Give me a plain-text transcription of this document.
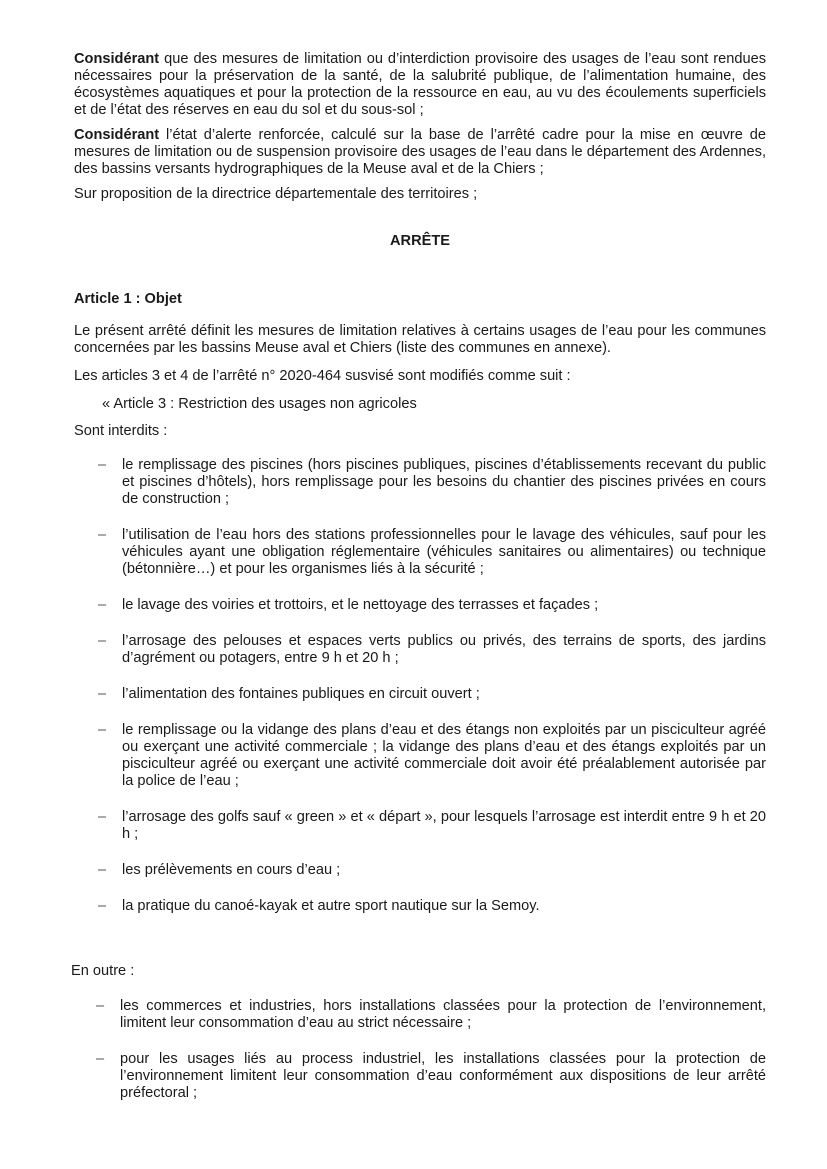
Considérant que des mesures de limitation ou d’interdiction provisoire des usages de l’eau sont rendues nécessaires pour la préservation de la santé, de la salubrité publique, de l’alimentation humaine, des écosystèmes aquatiques et pour la protection de la ressource en eau, au vu des écoulements superficiels et de l’état des réserves en eau du sol et du sous-sol ;

Considérant l’état d’alerte renforcée, calculé sur la base de l’arrêté cadre pour la mise en œuvre de mesures de limitation ou de suspension provisoire des usages de l’eau dans le département des Ardennes, des bassins versants hydrographiques de la Meuse aval et de la Chiers ;

Sur proposition de la directrice départementale des territoires ;

ARRÊTE

Article 1 : Objet

Le présent arrêté définit les mesures de limitation relatives à certains usages de l’eau pour les communes concernées par les bassins Meuse aval et Chiers (liste des communes en annexe).

Les articles 3 et 4 de l’arrêté n° 2020-464 susvisé sont modifiés comme suit :

« Article 3 : Restriction des usages non agricoles

Sont interdits :

– le remplissage des piscines (hors piscines publiques, piscines d’établissements recevant du public et piscines d’hôtels), hors remplissage pour les besoins du chantier des piscines privées en cours de construction ;
– l’utilisation de l’eau hors des stations professionnelles pour le lavage des véhicules, sauf pour les véhicules ayant une obligation réglementaire (véhicules sanitaires ou alimentaires) ou technique (bétonnière…) et pour les organismes liés à la sécurité ;
– le lavage des voiries et trottoirs, et le nettoyage des terrasses et façades ;
– l’arrosage des pelouses et espaces verts publics ou privés, des terrains de sports, des jardins d’agrément ou potagers, entre 9 h et 20 h ;
– l’alimentation des fontaines publiques en circuit ouvert ;
– le remplissage ou la vidange des plans d’eau et des étangs non exploités par un pisciculteur agréé ou exerçant une activité commerciale ; la vidange des plans d’eau et des étangs exploités par un pisciculteur agréé ou exerçant une activité commerciale doit avoir été préalablement autorisée par la police de l’eau ;
– l’arrosage des golfs sauf « green » et « départ », pour lesquels l’arrosage est interdit entre 9 h et 20 h ;
– les prélèvements en cours d’eau ;
– la pratique du canoé-kayak et autre sport nautique sur la Semoy.

En outre :

– les commerces et industries, hors installations classées pour la protection de l’environnement, limitent leur consommation d’eau au strict nécessaire ;
– pour les usages liés au process industriel, les installations classées pour la protection de l’environnement limitent leur consommation d’eau conformément aux dispositions de leur arrêté préfectoral ;
